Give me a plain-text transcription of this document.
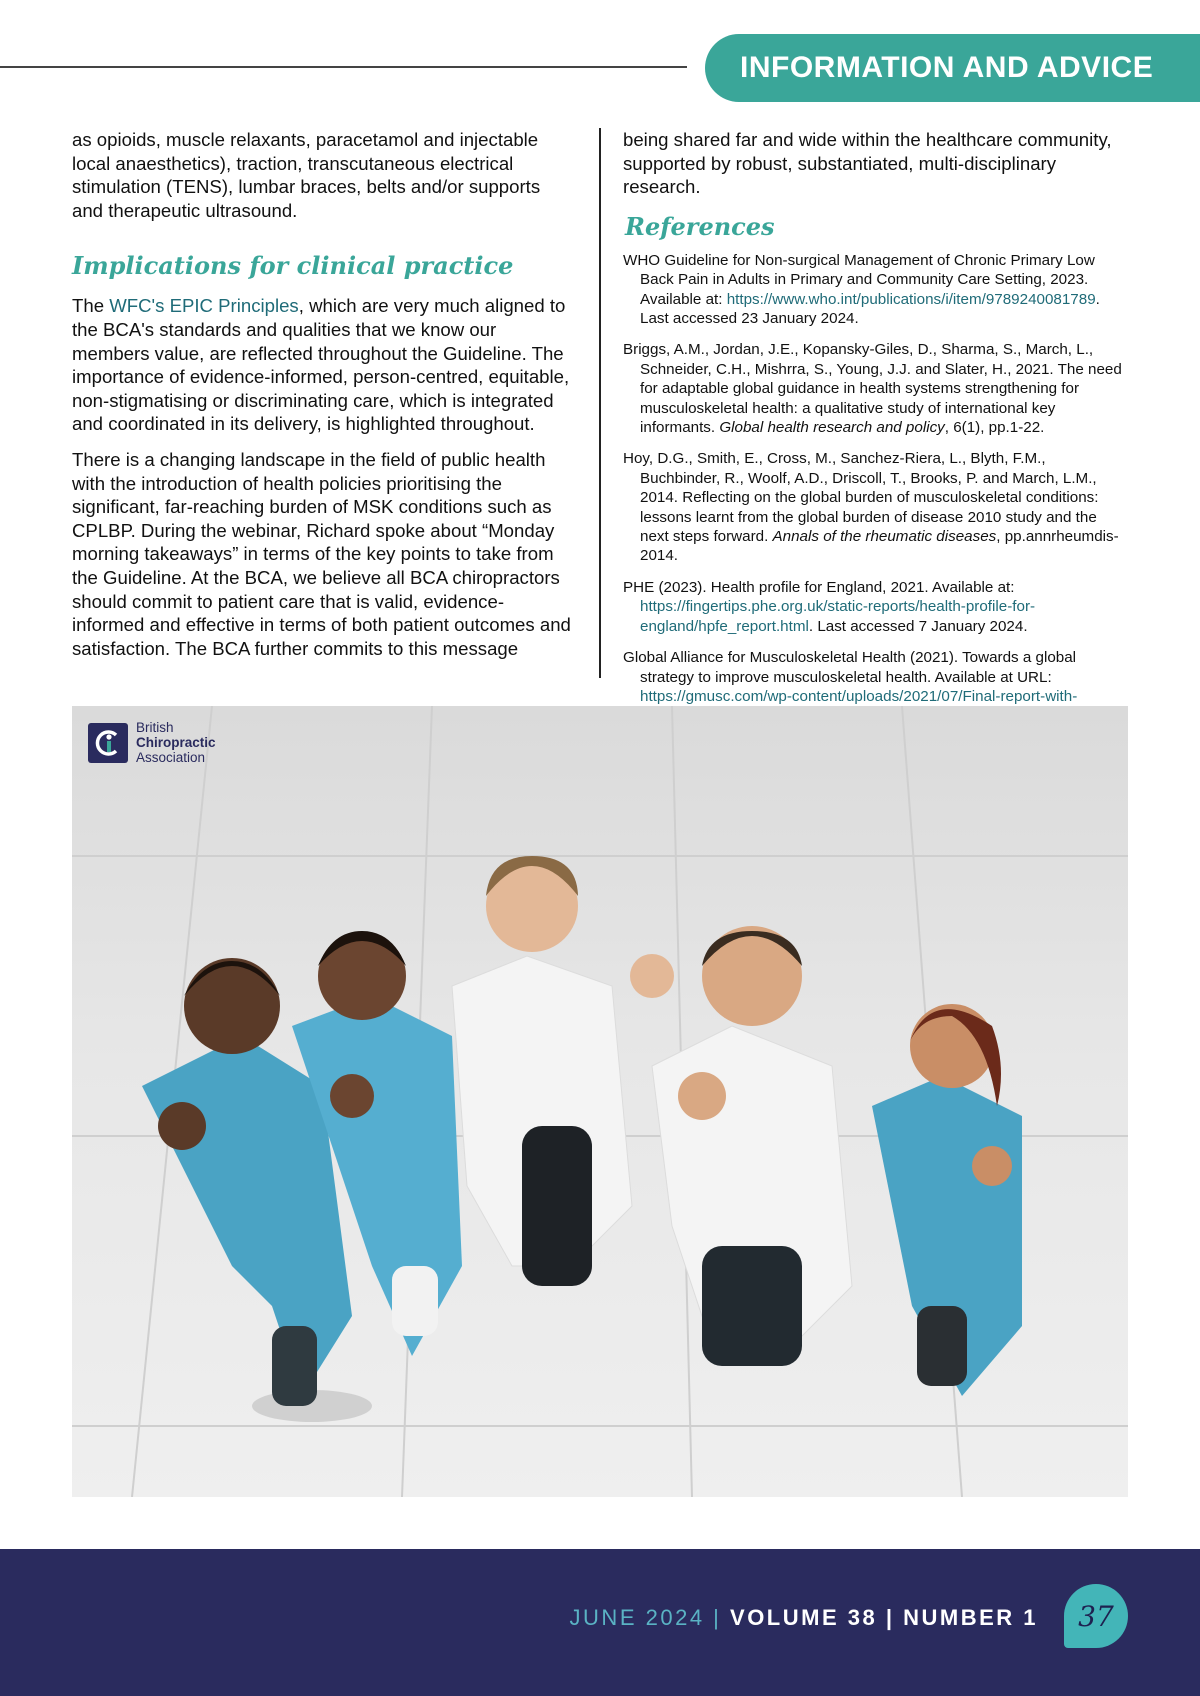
INFORMATION AND ADVICE

as opioids, muscle relaxants, paracetamol and injectable local anaesthetics), traction, transcutaneous electrical stimulation (TENS), lumbar braces, belts and/or supports and therapeutic ultrasound.

Implications for clinical practice

The WFC's EPIC Principles, which are very much aligned to the BCA's standards and qualities that we know our members value, are reflected throughout the Guideline. The importance of evidence-informed, person-centred, equitable, non-stigmatising or discriminating care, which is integrated and coordinated in its delivery, is highlighted throughout.

There is a changing landscape in the field of public health with the introduction of health policies prioritising the significant, far-reaching burden of MSK conditions such as CPLBP. During the webinar, Richard spoke about “Monday morning takeaways” in terms of the key points to take from the Guideline. At the BCA, we believe all BCA chiropractors should commit to patient care that is valid, evidence-informed and effective in terms of both patient outcomes and satisfaction. The BCA further commits to this message

being shared far and wide within the healthcare community, supported by robust, substantiated, multi-disciplinary research.

References

WHO Guideline for Non-surgical Management of Chronic Primary Low Back Pain in Adults in Primary and Community Care Setting, 2023. Available at: https://www.who.int/publications/i/item/9789240081789. Last accessed 23 January 2024.

Briggs, A.M., Jordan, J.E., Kopansky-Giles, D., Sharma, S., March, L., Schneider, C.H., Mishrra, S., Young, J.J. and Slater, H., 2021. The need for adaptable global guidance in health systems strengthening for musculoskeletal health: a qualitative study of international key informants. Global health research and policy, 6(1), pp.1-22.

Hoy, D.G., Smith, E., Cross, M., Sanchez-Riera, L., Blyth, F.M., Buchbinder, R., Woolf, A.D., Driscoll, T., Brooks, P. and March, L.M., 2014. Reflecting on the global burden of musculoskeletal conditions: lessons learnt from the global burden of disease 2010 study and the next steps forward. Annals of the rheumatic diseases, pp.annrheumdis-2014.

PHE (2023). Health profile for England, 2021. Available at: https://fingertips.phe.org.uk/static-reports/health-profile-for-england/hpfe_report.html. Last accessed 7 January 2024.

Global Alliance for Musculoskeletal Health (2021). Towards a global strategy to improve musculoskeletal health. Available at URL: https://gmusc.com/wp-content/uploads/2021/07/Final-report-with-

British
Chiropractic
Association
JUNE 2024 | VOLUME 38 | NUMBER 1 37
